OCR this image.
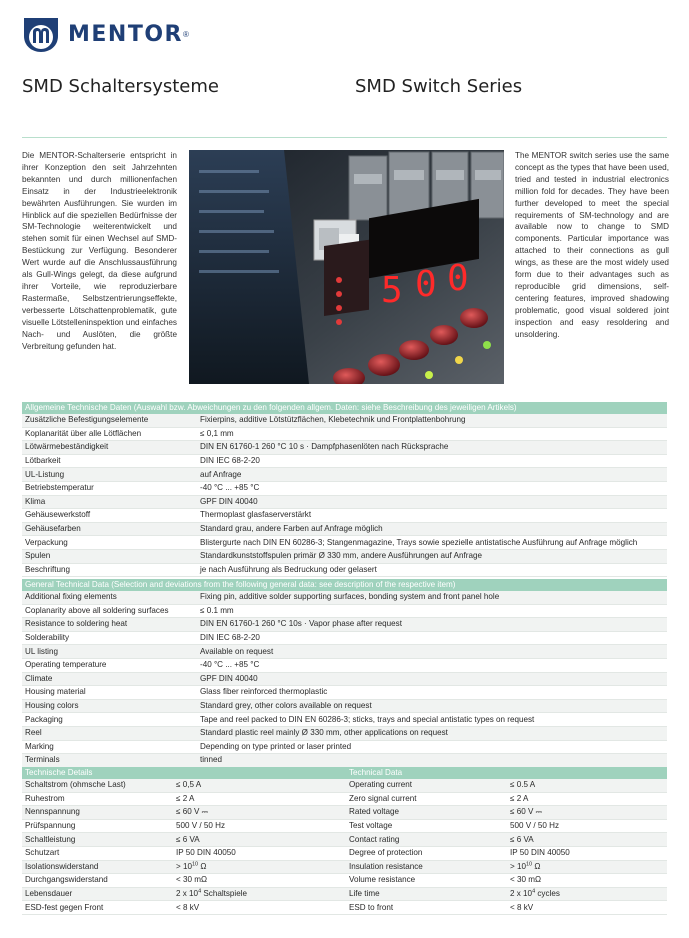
MENTOR ®
SMD Schaltersysteme	SMD Switch Series
Die MENTOR-Schalterserie entspricht in ihrer Konzeption den seit Jahrzehnten bekannten und durch millionenfachen Einsatz in der Industrieelektronik bewährten Ausführungen. Sie wurden im Hinblick auf die speziellen Bedürfnisse der SM-Technologie weiterentwickelt und stehen somit für einen Wechsel auf SMD-Bestückung zur Verfügung. Besonderer Wert wurde auf die Anschlussausführung als Gull-Wings gelegt, da diese aufgrund ihrer Vorteile, wie reproduzierbare Rastermaße, Selbstzentrierungseffekte, verbesserte Lötschattenproblematik, gute visuelle Lötstelleninspektion und einfaches Nach- und Auslöten, die größte Verbreitung gefunden hat.
The MENTOR switch series use the same concept as the types that have been used, tried and tested in industrial electronics million fold for decades. They have been further developed to meet the special requirements of SM-technology and are available now to change to SMD components. Particular importance was attached to their connections as gull wings, as these are the most widely used form due to their advantages such as reproducible grid dimensions, self-centering features, improved shadowing problematic, good visual soldered joint inspection and easy resoldering and unsoldering.
5 0 0
Allgemeine Technische Daten (Auswahl bzw. Abweichungen zu den folgenden allgem. Daten: siehe Beschreibung des jeweiligen Artikels)	
Zusätzliche Befestigungselemente	Fixierpins, additive Lötstützflächen, Klebetechnik und Frontplattenbohrung
Koplanarität über alle Lötflächen	≤ 0,1 mm
Lötwärmebeständigkeit	DIN EN 61760-1 260 °C 10 s · Dampfphasenlöten nach Rücksprache
Lötbarkeit	DIN IEC 68-2-20
UL-Listung	auf Anfrage
Betriebstemperatur	-40 °C ... +85 °C
Klima	GPF DIN 40040
Gehäusewerkstoff	Thermoplast glasfaserverstärkt
Gehäusefarben	Standard grau, andere Farben auf Anfrage möglich
Verpackung	Blistergurte nach DIN EN 60286-3; Stangenmagazine, Trays sowie spezielle antistatische Ausführung auf Anfrage möglich
Spulen	Standardkunststoffspulen primär Ø 330 mm, andere Ausführungen auf Anfrage
Beschriftung	je nach Ausführung als Bedruckung oder gelasert
General Technical Data (Selection and deviations from the following general data: see description of the respective item)	
Additional fixing elements	Fixing pin, additive solder supporting surfaces, bonding system and front panel hole
Coplanarity above all soldering surfaces	≤ 0.1 mm
Resistance to soldering heat	DIN EN 61760-1 260 °C 10s · Vapor phase after request
Solderability	DIN IEC 68-2-20
UL listing	Available on request
Operating temperature	-40 °C ... +85 °C
Climate	GPF DIN 40040
Housing material	Glass fiber reinforced thermoplastic
Housing colors	Standard grey, other colors available on request
Packaging	Tape and reel packed to DIN EN 60286-3; sticks, trays and special antistatic types on request
Reel	Standard plastic reel mainly Ø 330 mm, other applications on request
Marking	Depending on type printed or laser printed
Terminals	tinned
Technische Details		Technical Data	
Schaltstrom (ohmsche Last)	≤ 0,5 A	Operating current	≤ 0.5 A
Ruhestrom	≤ 2 A	Zero signal current	≤ 2 A
Nennspannung	≤ 60 V ⎓	Rated voltage	≤ 60 V ⎓
Prüfspannung	500 V / 50 Hz	Test voltage	500 V / 50 Hz
Schaltleistung	≤ 6 VA	Contact rating	≤ 6 VA
Schutzart	IP 50 DIN 40050	Degree of protection	IP 50 DIN 40050
Isolationswiderstand	> $10^{10}$ Ω	Insulation resistance	> $10^{10}$ Ω
Durchgangswiderstand	< 30 mΩ	Volume resistance	< 30 mΩ
Lebensdauer	2 x $10^4$ Schaltspiele	Life time	2 x $10^4$ cycles
ESD-fest gegen Front	< 8 kV	ESD to front	< 8 kV
